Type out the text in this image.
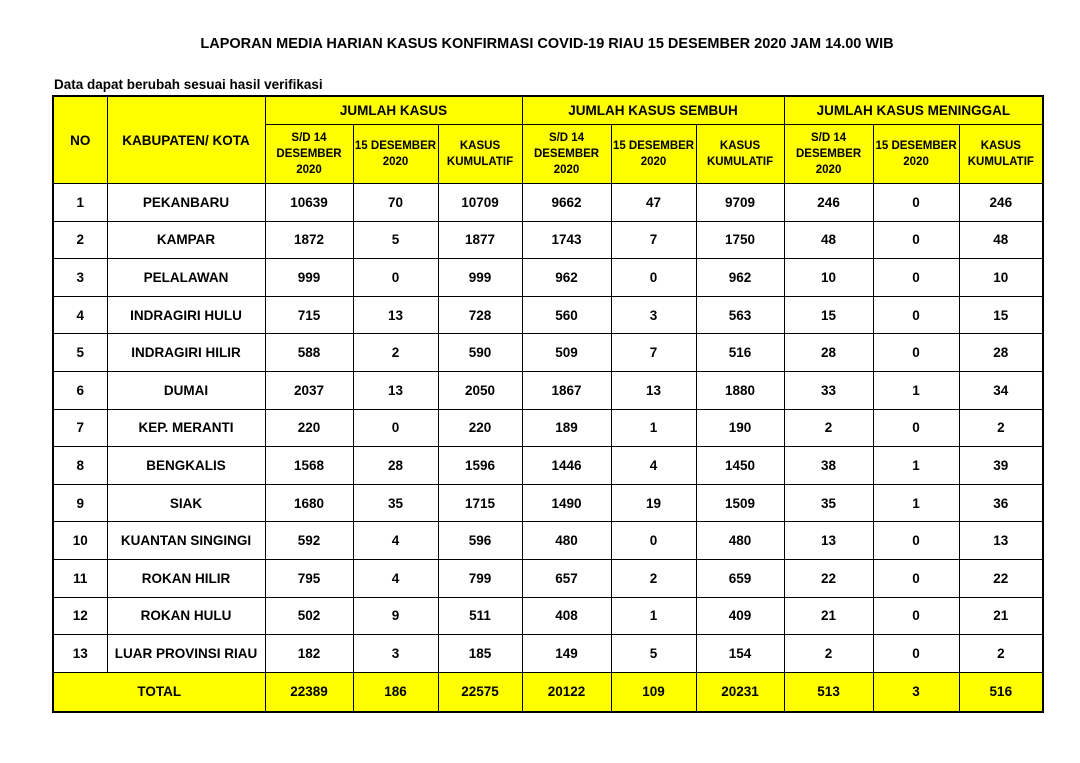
LAPORAN MEDIA HARIAN KASUS KONFIRMASI COVID-19 RIAU 15 DESEMBER 2020 JAM 14.00 WIB
Data dapat berubah sesuai hasil verifikasi
NO	KABUPATEN/ KOTA	JUMLAH KASUS			JUMLAH KASUS SEMBUH			JUMLAH KASUS MENINGGAL		
		S/D 14 DESEMBER 2020	15 DESEMBER 2020	KASUS KUMULATIF	S/D 14 DESEMBER 2020	15 DESEMBER 2020	KASUS KUMULATIF	S/D 14 DESEMBER 2020	15 DESEMBER 2020	KASUS KUMULATIF
1	PEKANBARU	10639	70	10709	9662	47	9709	246	0	246
2	KAMPAR	1872	5	1877	1743	7	1750	48	0	48
3	PELALAWAN	999	0	999	962	0	962	10	0	10
4	INDRAGIRI HULU	715	13	728	560	3	563	15	0	15
5	INDRAGIRI HILIR	588	2	590	509	7	516	28	0	28
6	DUMAI	2037	13	2050	1867	13	1880	33	1	34
7	KEP. MERANTI	220	0	220	189	1	190	2	0	2
8	BENGKALIS	1568	28	1596	1446	4	1450	38	1	39
9	SIAK	1680	35	1715	1490	19	1509	35	1	36
10	KUANTAN SINGINGI	592	4	596	480	0	480	13	0	13
11	ROKAN HILIR	795	4	799	657	2	659	22	0	22
12	ROKAN HULU	502	9	511	408	1	409	21	0	21
13	LUAR PROVINSI RIAU	182	3	185	149	5	154	2	0	2
TOTAL		22389	186	22575	20122	109	20231	513	3	516
